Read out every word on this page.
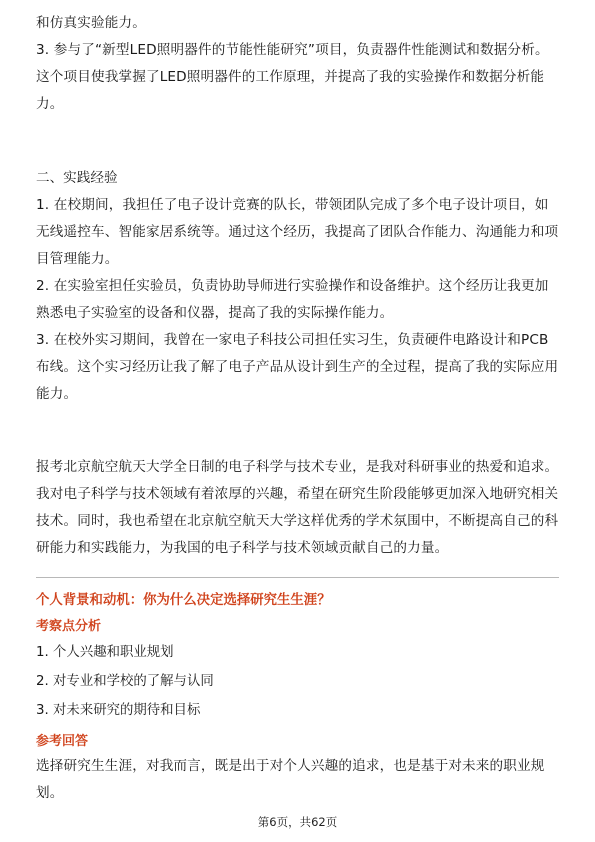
和仿真实验能力。

3. 参与了“新型LED照明器件的节能性能研究”项目，负责器件性能测试和数据分析。这个项目使我掌握了LED照明器件的工作原理，并提高了我的实验操作和数据分析能力。

二、实践经验

1. 在校期间，我担任了电子设计竞赛的队长，带领团队完成了多个电子设计项目，如无线遥控车、智能家居系统等。通过这个经历，我提高了团队合作能力、沟通能力和项目管理能力。

2. 在实验室担任实验员，负责协助导师进行实验操作和设备维护。这个经历让我更加熟悉电子实验室的设备和仪器，提高了我的实际操作能力。

3. 在校外实习期间，我曾在一家电子科技公司担任实习生，负责硬件电路设计和PCB布线。这个实习经历让我了解了电子产品从设计到生产的全过程，提高了我的实际应用能力。

报考北京航空航天大学全日制的电子科学与技术专业，是我对科研事业的热爱和追求。我对电子科学与技术领域有着浓厚的兴趣，希望在研究生阶段能够更加深入地研究相关技术。同时，我也希望在北京航空航天大学这样优秀的学术氛围中，不断提高自己的科研能力和实践能力，为我国的电子科学与技术领域贡献自己的力量。

个人背景和动机：你为什么决定选择研究生生涯？

考察点分析

1. 个人兴趣和职业规划

2. 对专业和学校的了解与认同

3. 对未来研究的期待和目标

参考回答

选择研究生生涯，对我而言，既是出于对个人兴趣的追求，也是基于对未来的职业规划。

第6页，共62页
